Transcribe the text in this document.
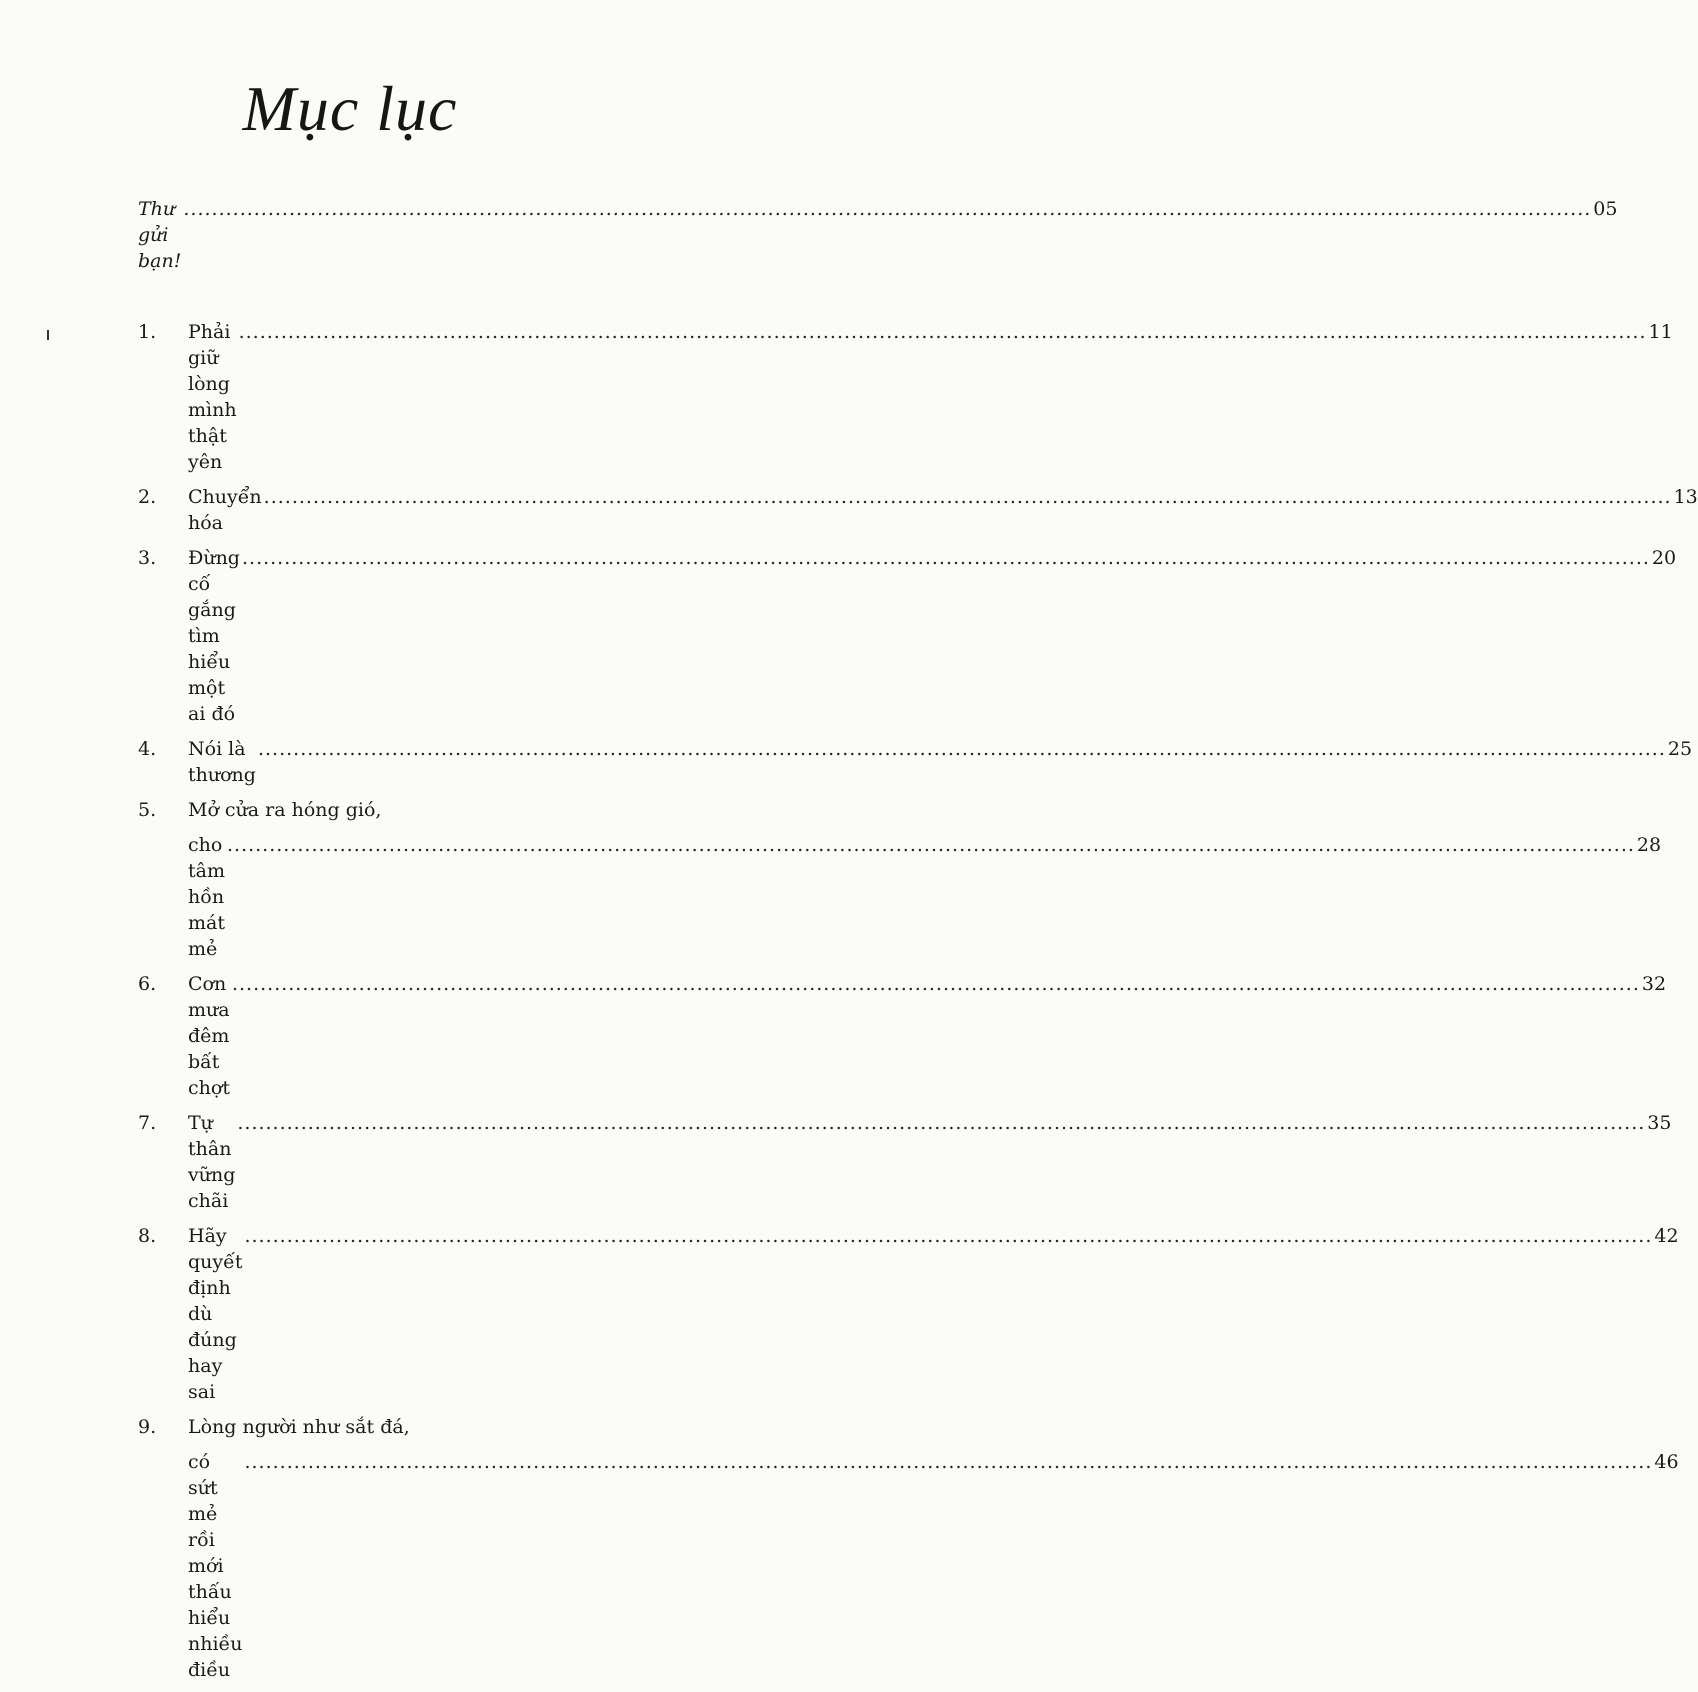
Mục lục
Thư gửi bạn!
.....
05
1.	Phải giữ lòng mình thật yên
.....
11
2.	Chuyển hóa
.....
13
3.	Đừng cố gắng tìm hiểu một ai đó
.....
20
4.	Nói là thương
.....
25
5.	Mở cửa ra hóng gió,
cho tâm hồn mát mẻ
.....
28
6.	Cơn mưa đêm bất chợt
.....
32
7.	Tự thân vững chãi
.....
35
8.	Hãy quyết định dù đúng hay sai
.....
42
9.	Lòng người như sắt đá,
có sứt mẻ rồi mới thấu hiểu nhiều điều
.....
46
